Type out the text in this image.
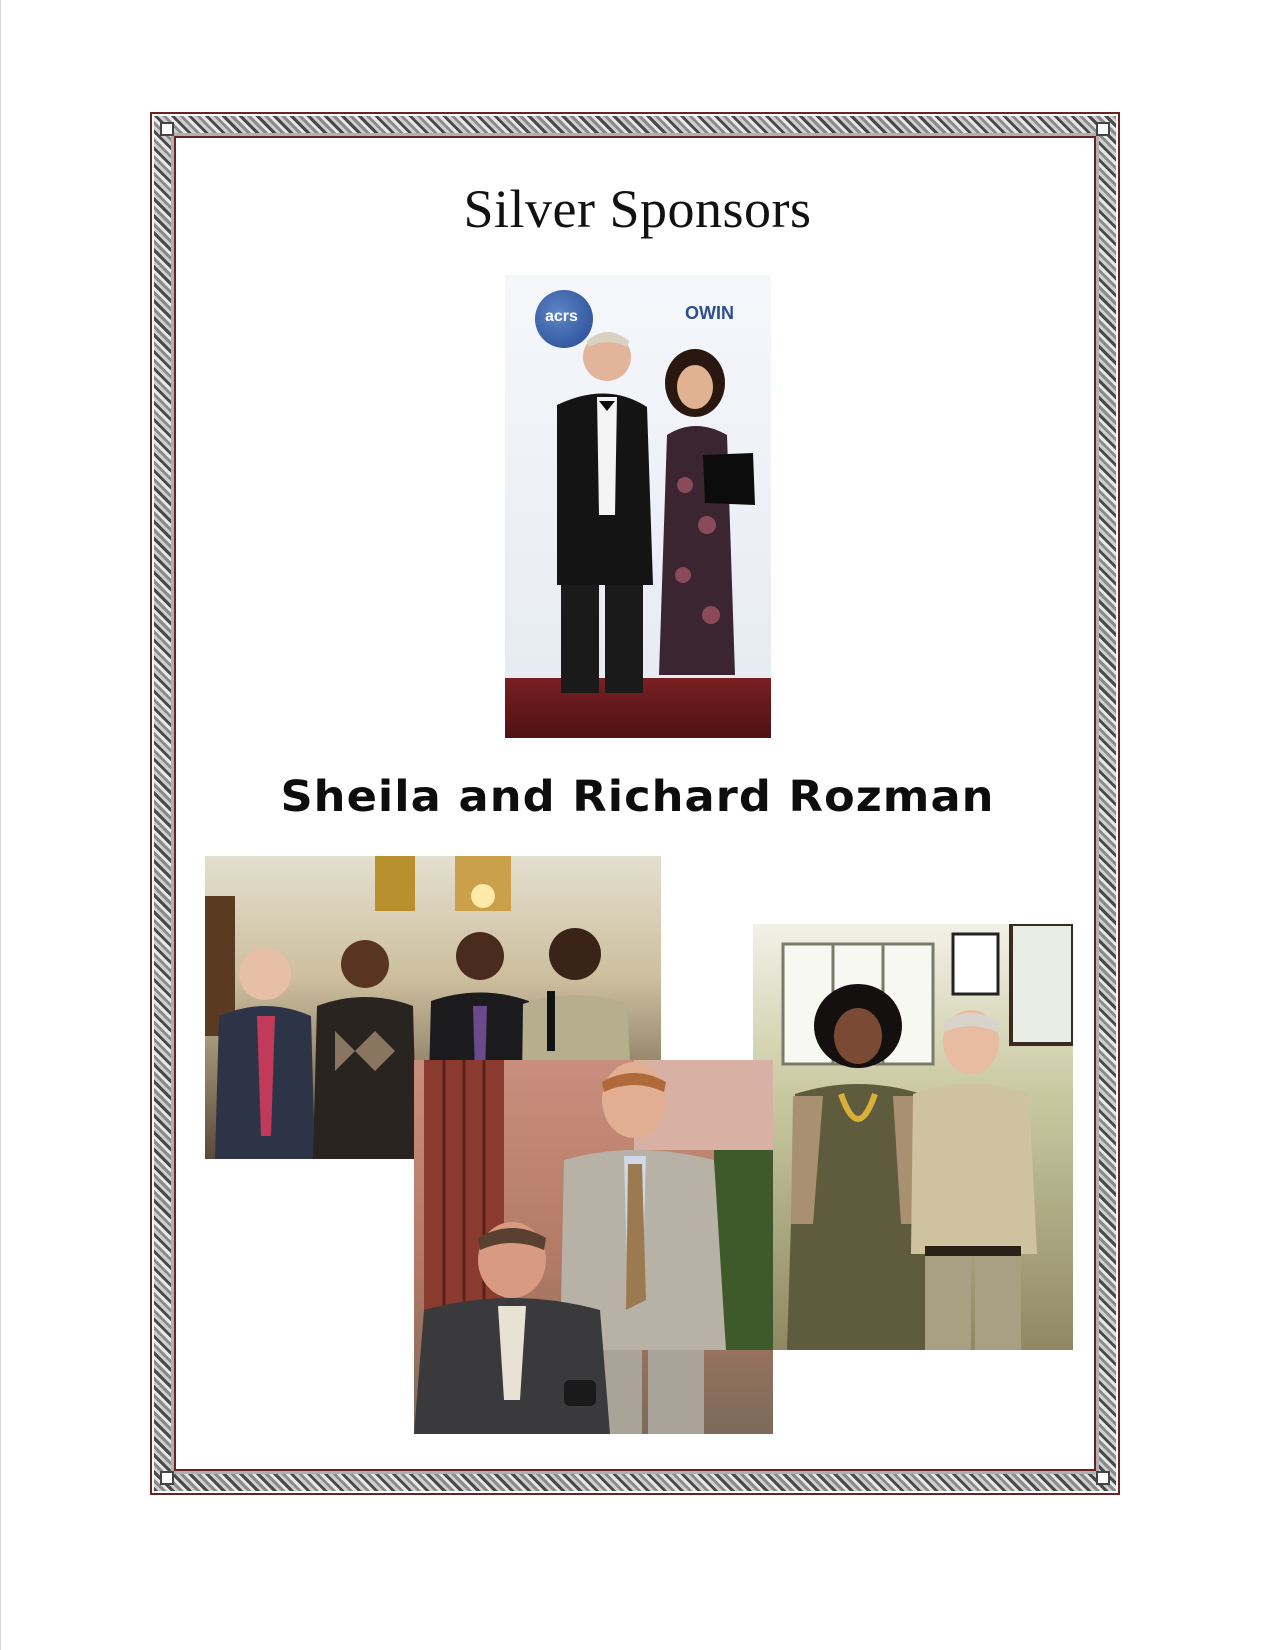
Silver Sponsors
acrs	OWIN
Sheila and Richard Rozman
